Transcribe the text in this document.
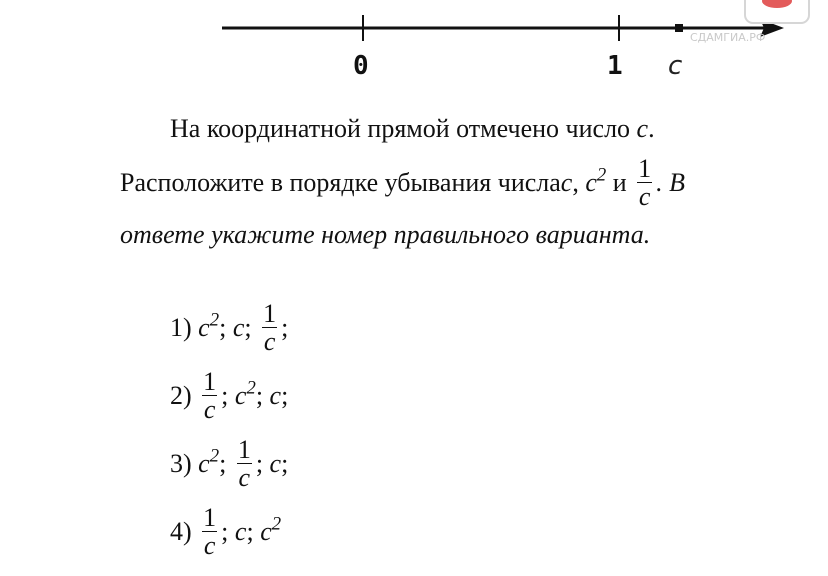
0	1 c
СДАМГИА.РФ
На координатной прямой отмечено число c.
Расположите в порядке убывания числа c ,
$c^2$
и
$\frac{1}{c}$ . В
ответе укажите номер правильного варианта.
1)
$c^2$ ; c ; $\frac{1}{c}$ ;
2)
$\frac{1}{c}$ ; $c^2$ ; c ;
3)
$c^2$ ; $\frac{1}{c}$ ; c ;
4)
$\frac{1}{c}$ ; c ; $c^2$
